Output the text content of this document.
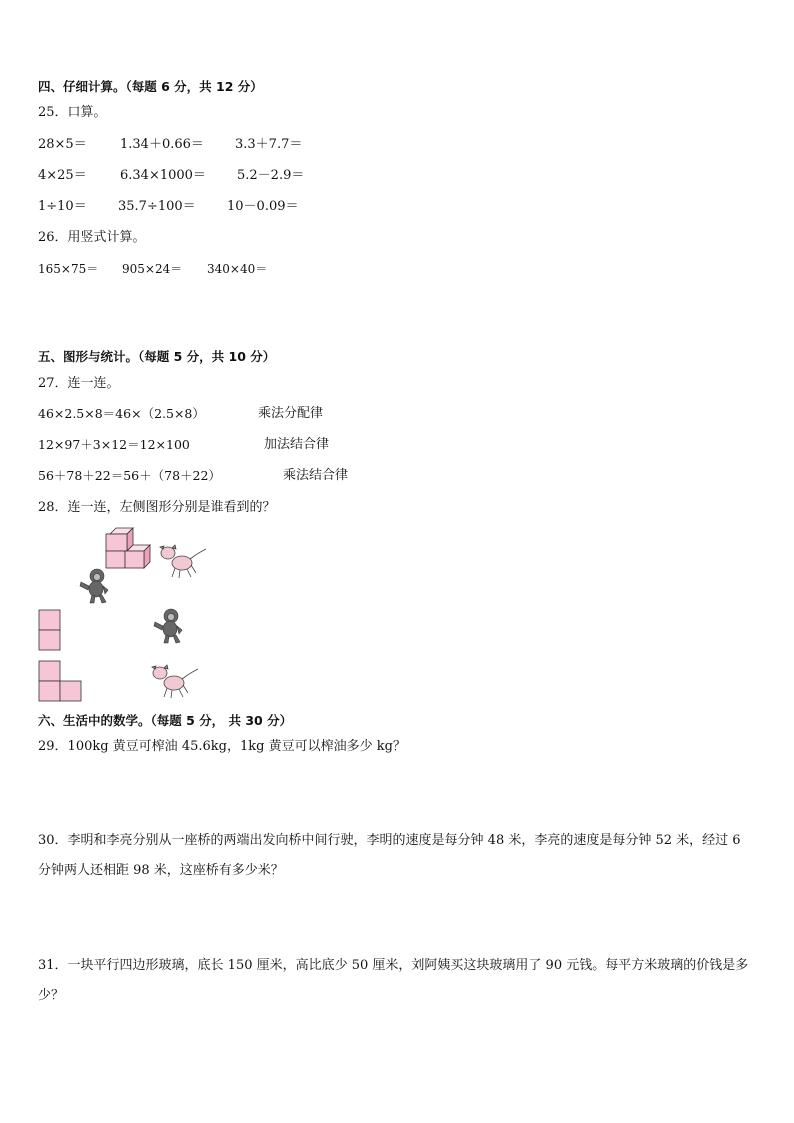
四、仔细计算。（每题 6 分，共 12 分）
25．口算。
28×5＝	1.34＋0.66＝ 3.3＋7.7＝
4×25＝	6.34×1000＝ 5.2－2.9＝
1÷10＝ 35.7÷100＝ 10－0.09＝
26．用竖式计算。
165×75＝ 905×24＝ 340×40＝
五、图形与统计。（每题 5 分，共 10 分）
27．连一连。
46×2.5×8＝46×（2.5×8）	乘法分配律
12×97＋3×12＝12×100	加法结合律
56＋78＋22＝56＋（78＋22）	乘法结合律
28．连一连，左侧图形分别是谁看到的？
六、生活中的数学。（每题 5 分， 共 30 分）
29．100kg 黄豆可榨油 45.6kg，1kg 黄豆可以榨油多少 kg？
30．李明和李亮分别从一座桥的两端出发向桥中间行驶，李明的速度是每分钟 48 米，李亮的速度是每分钟 52 米，经过 6 分钟两人还相距 98 米，这座桥有多少米？
31．一块平行四边形玻璃，底长 150 厘米，高比底少 50 厘米，刘阿姨买这块玻璃用了 90 元钱。每平方米玻璃的价钱是多少？
